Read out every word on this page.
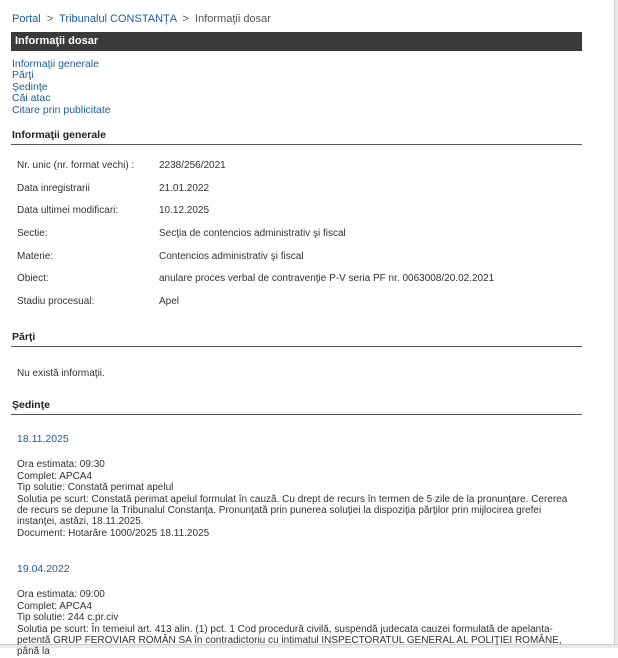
Portal > Tribunalul CONSTANȚA > Informaţii dosar
Informaţii dosar
Informaţii generale
Părţi
Şedinţe
Căi atac
Citare prin publicitate
Informaţii generale
Nr. unic (nr. format vechi) : 2238/256/2021
Data inregistrarii	21.01.2022
Data ultimei modificari:	10.12.2025
Sectie:	Secţia de contencios administrativ şi fiscal
Materie:	Contencios administrativ şi fiscal
Obiect:	anulare proces verbal de contravenţie P-V seria PF nr. 0063008/20.02.2021
Stadiu procesual:	Apel
Părţi
Nu există informaţii.
Şedinţe
18.11.2025
Ora estimata: 09:30
Complet: APCA4
Tip solutie: Constată perimat apelul
Solutia pe scurt: Constată perimat apelul formulat în cauză. Cu drept de recurs în termen de 5 zile de la pronunţare. Cererea de recurs se depune la Tribunalul Constanţa. Pronunţată prin punerea soluţiei la dispoziţia părţilor prin mijlocirea grefei instanţei, astăzi, 18.11.2025.
Document: Hotarâre 1000/2025 18.11.2025
19.04.2022
Ora estimata: 09:00
Complet: APCA4
Tip solutie: 244 c.pr.civ
Solutia pe scurt: În temeiul art. 413 alin. (1) pct. 1 Cod procedură civilă, suspendă judecata cauzei formulată de apelanta-petentă GRUP FEROVIAR ROMÂN SA în contradictoriu cu intimatul INSPECTORATUL GENERAL AL POLIŢIEI ROMÂNE, până la
